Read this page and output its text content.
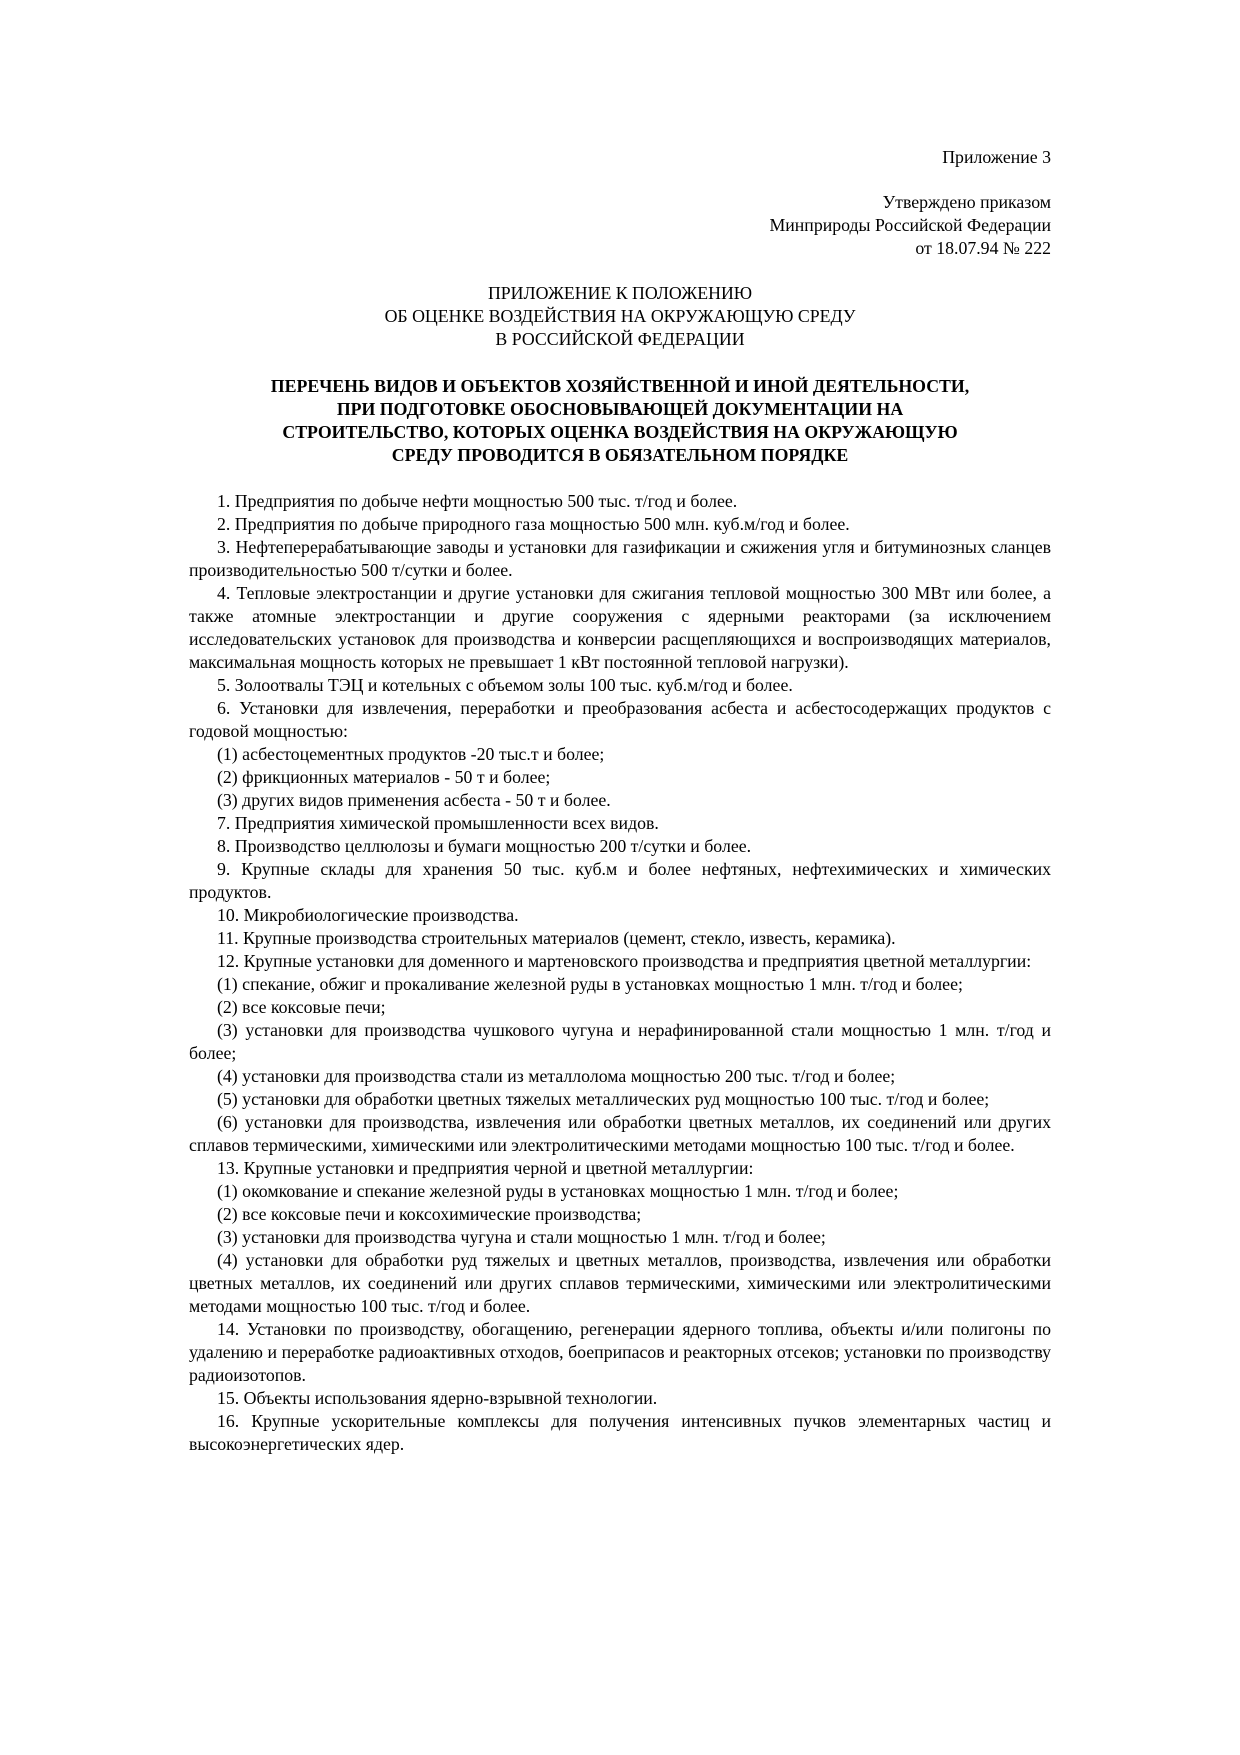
Приложение 3
Утверждено приказом
Минприроды Российской Федерации
от 18.07.94 № 222
ПРИЛОЖЕНИЕ К ПОЛОЖЕНИЮ
ОБ ОЦЕНКЕ ВОЗДЕЙСТВИЯ НА ОКРУЖАЮЩУЮ СРЕДУ
В РОССИЙСКОЙ ФЕДЕРАЦИИ
ПЕРЕЧЕНЬ ВИДОВ И ОБЪЕКТОВ ХОЗЯЙСТВЕННОЙ И ИНОЙ ДЕЯТЕЛЬНОСТИ,
ПРИ ПОДГОТОВКЕ ОБОСНОВЫВАЮЩЕЙ ДОКУМЕНТАЦИИ НА
СТРОИТЕЛЬСТВО, КОТОРЫХ ОЦЕНКА ВОЗДЕЙСТВИЯ НА ОКРУЖАЮЩУЮ
СРЕДУ ПРОВОДИТСЯ В ОБЯЗАТЕЛЬНОМ ПОРЯДКЕ

1. Предприятия по добыче нефти мощностью 500 тыс. т/год и более.

2. Предприятия по добыче природного газа мощностью 500 млн. куб.м/год и более.

3. Нефтеперерабатывающие заводы и установки для газификации и сжижения угля и битуминозных сланцев производительностью 500 т/сутки и более.

4. Тепловые электростанции и другие установки для сжигания тепловой мощностью 300 МВт или более, а также атомные электростанции и другие сооружения с ядерными реакторами (за исключением исследовательских установок для производства и конверсии расщепляющихся и воспроизводящих материалов, максимальная мощность которых не превышает 1 кВт постоянной тепловой нагрузки).

5. Золоотвалы ТЭЦ и котельных с объемом золы 100 тыс. куб.м/год и более.

6. Установки для извлечения, переработки и преобразования асбеста и асбестосодержащих продуктов с годовой мощностью:

(1) асбестоцементных продуктов -20 тыс.т и более;

(2) фрикционных материалов - 50 т и более;

(3) других видов применения асбеста - 50 т и более.

7. Предприятия химической промышленности всех видов.

8. Производство целлюлозы и бумаги мощностью 200 т/сутки и более.

9. Крупные склады для хранения 50 тыс. куб.м и более нефтяных, нефтехимических и химических продуктов.

10. Микробиологические производства.

11. Крупные производства строительных материалов (цемент, стекло, известь, керамика).

12. Крупные установки для доменного и мартеновского производства и предприятия цветной металлургии:

(1) спекание, обжиг и прокаливание железной руды в установках мощностью 1 млн. т/год и более;

(2) все коксовые печи;

(3) установки для производства чушкового чугуна и нерафинированной стали мощностью 1 млн. т/год и более;

(4) установки для производства стали из металлолома мощностью 200 тыс. т/год и более;

(5) установки для обработки цветных тяжелых металлических руд мощностью 100 тыс. т/год и более;

(6) установки для производства, извлечения или обработки цветных металлов, их соединений или других сплавов термическими, химическими или электролитическими методами мощностью 100 тыс. т/год и более.

13. Крупные установки и предприятия черной и цветной металлургии:

(1) окомкование и спекание железной руды в установках мощностью 1 млн. т/год и более;

(2) все коксовые печи и коксохимические производства;

(3) установки для производства чугуна и стали мощностью 1 млн. т/год и более;

(4) установки для обработки руд тяжелых и цветных металлов, производства, извлечения или обработки цветных металлов, их соединений или других сплавов термическими, химическими или электролитическими методами мощностью 100 тыс. т/год и более.

14. Установки по производству, обогащению, регенерации ядерного топлива, объекты и/или полигоны по удалению и переработке радиоактивных отходов, боеприпасов и реакторных отсеков; установки по производству радиоизотопов.

15. Объекты использования ядерно-взрывной технологии.

16. Крупные ускорительные комплексы для получения интенсивных пучков элементарных частиц и высокоэнергетических ядер.
